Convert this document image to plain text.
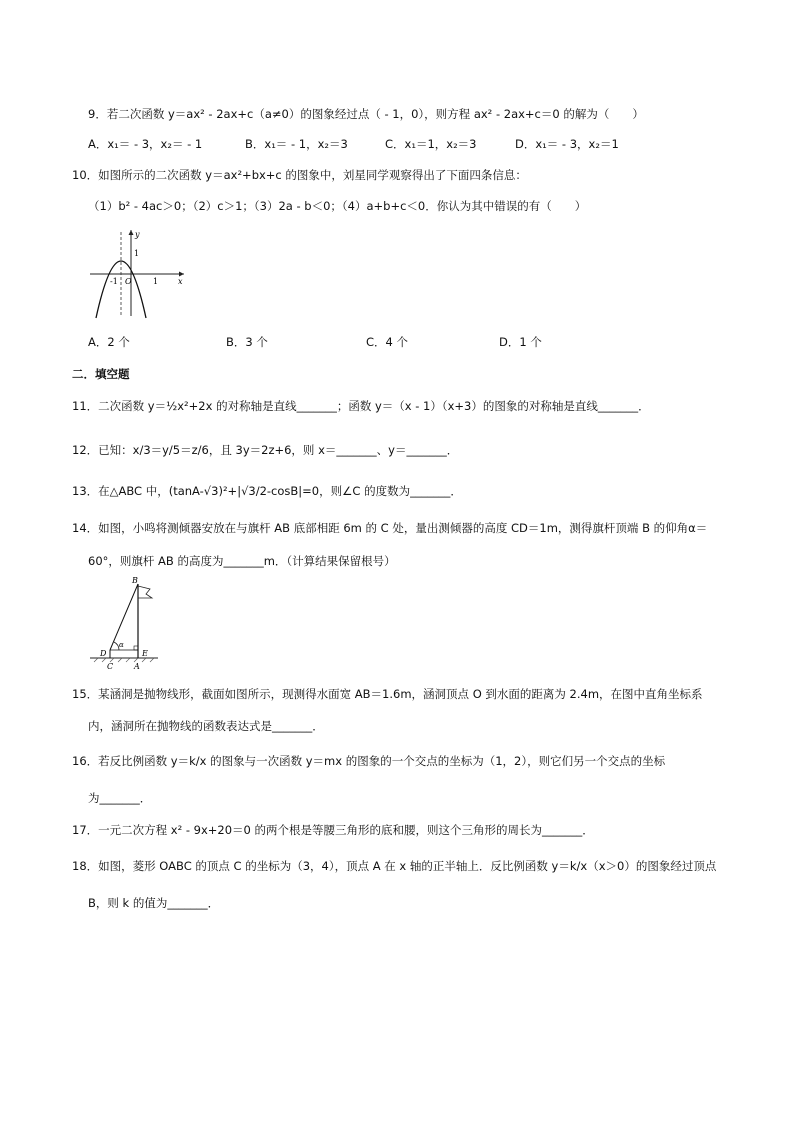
9．若二次函数 y＝ax² - 2ax+c（a≠0）的图象经过点（ - 1，0），则方程 ax² - 2ax+c＝0 的解为（　　）
A．x₁＝ - 3，x₂＝ - 1	B．x₁＝ - 1，x₂＝3	C．x₁＝1，x₂＝3	D．x₁＝ - 3，x₂＝1
10．如图所示的二次函数 y＝ax²+bx+c 的图象中，刘星同学观察得出了下面四条信息：
（1）b² - 4ac＞0；（2）c＞1；（3）2a - b＜0；（4）a+b+c＜0．你认为其中错误的有（　　）
y
x
1
-1 O	1
A．2 个	B．3 个	C．4 个	D．1 个
二．填空题
11．二次函数 y＝½x²+2x 的对称轴是直线_______；函数 y＝（x - 1）（x+3）的图象的对称轴是直线_______．
12．已知：x/3＝y/5＝z/6，且 3y＝2z+6，则 x＝_______、y＝_______．
13．在△ABC 中，(tanA-√3)²+|√3/2-cosB|=0，则∠C 的度数为_______．
14．如图，小鸣将测倾器安放在与旗杆 AB 底部相距 6m 的 C 处，量出测倾器的高度 CD＝1m，测得旗杆顶端 B 的仰角α＝
60°，则旗杆 AB 的高度为_______m．（计算结果保留根号）
B
D	E
C	A
α
15．某涵洞是抛物线形，截面如图所示，现测得水面宽 AB＝1.6m，涵洞顶点 O 到水面的距离为 2.4m，在图中直角坐标系
内，涵洞所在抛物线的函数表达式是_______．
16．若反比例函数 y＝k/x 的图象与一次函数 y＝mx 的图象的一个交点的坐标为（1，2），则它们另一个交点的坐标
为_______．
17．一元二次方程 x² - 9x+20＝0 的两个根是等腰三角形的底和腰，则这个三角形的周长为_______．
18．如图，菱形 OABC 的顶点 C 的坐标为（3，4），顶点 A 在 x 轴的正半轴上．反比例函数 y＝k/x（x＞0）的图象经过顶点
B，则 k 的值为_______．
